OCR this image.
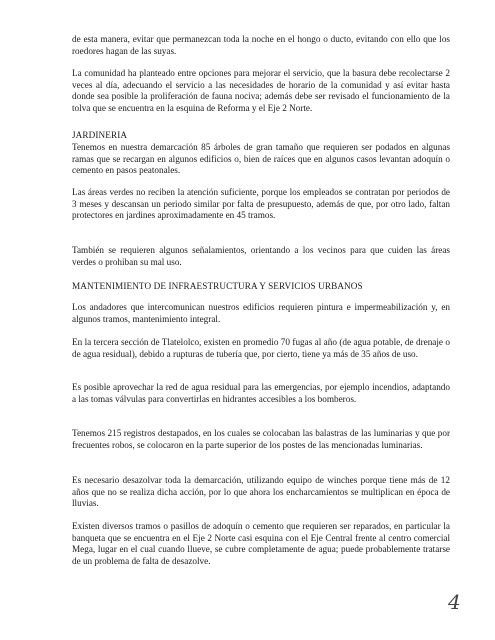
de esta manera, evitar que permanezcan toda la noche en el hongo o ducto, evitando con ello que los roedores hagan de las suyas.

La comunidad ha planteado entre opciones para mejorar el servicio, que la basura debe recolectarse 2 veces al día, adecuando el servicio a las necesidades de horario de la comunidad y así evitar hasta donde sea posible la proliferación de fauna nociva; además debe ser revisado el funcionamiento de la tolva que se encuentra en la esquina de Reforma y el Eje 2 Norte.

JARDINERIA

Tenemos en nuestra demarcación 85 árboles de gran tamaño que requieren ser podados en algunas ramas que se recargan en algunos edificios o, bien de raíces que en algunos casos levantan adoquín o cemento en pasos peatonales.

Las áreas verdes no reciben la atención suficiente, porque los empleados se contratan por periodos de 3 meses y descansan un periodo similar por falta de presupuesto, además de que, por otro lado, faltan protectores en jardines aproximadamente en 45 tramos.

También se requieren algunos señalamientos, orientando a los vecinos para que cuiden las áreas verdes o prohiban su mal uso.

MANTENIMIENTO DE INFRAESTRUCTURA Y SERVICIOS URBANOS

Los andadores que intercomunican nuestros edificios requieren pintura e impermeabilización y, en algunos tramos, mantenimiento integral.

En la tercera sección de Tlatelolco, existen en promedio 70 fugas al año (de agua potable, de drenaje o de agua residual), debido a rupturas de tubería que, por cierto, tiene ya más de 35 años de uso.

Es posible aprovechar la red de agua residual para las emergencias, por ejemplo incendios, adaptando a las tomas válvulas para convertirlas en hidrantes accesibles a los bomberos.

Tenemos 215 registros destapados, en los cuales se colocaban las balastras de las luminarias y que por frecuentes robos, se colocaron en la parte superior de los postes de las mencionadas luminarias.

Es necesario desazolvar toda la demarcación, utilizando equipo de winches porque tiene más de 12 años que no se realiza dicha acción, por lo que ahora los encharcamientos se multiplican en época de lluvias.

Existen diversos tramos o pasillos de adoquín o cemento que requieren ser reparados, en particular la banqueta que se encuentra en el Eje 2 Norte casi esquina con el Eje Central frente al centro comercial Mega, lugar en el cual cuando llueve, se cubre completamente de agua; puede probablemente tratarse de un problema de falta de desazolve.

4
